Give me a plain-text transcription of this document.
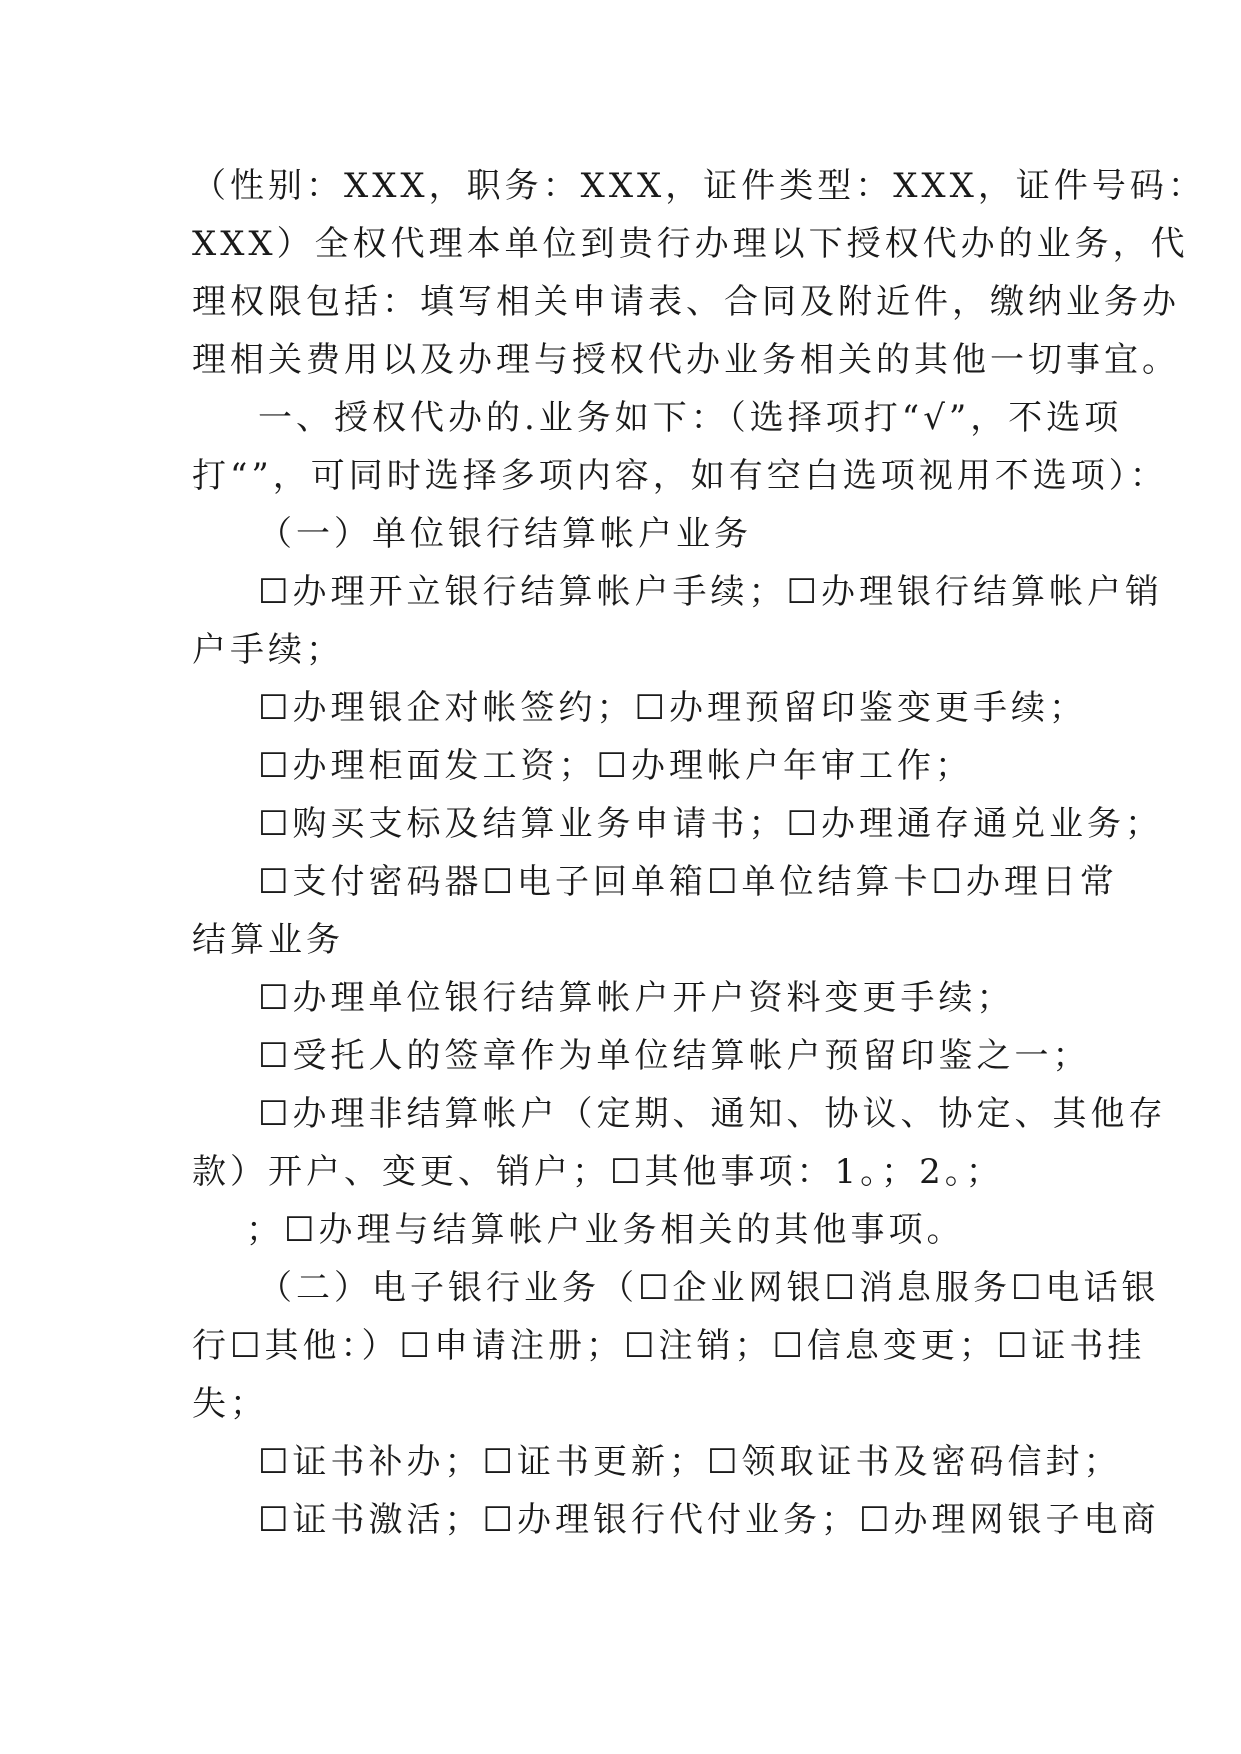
（性别：XXX，职务：XXX，证件类型：XXX，证件号码：
XXX）全权代理本单位到贵行办理以下授权代办的业务，代
理权限包括：填写相关申请表、合同及附近件，缴纳业务办
理相关费用以及办理与授权代办业务相关的其他一切事宜。
一、授权代办的.业务如下：（选择项打“√”，不选项
打“”，可同时选择多项内容，如有空白选项视用不选项）：
（一）单位银行结算帐户业务
☐办理开立银行结算帐户手续；☐办理银行结算帐户销
户手续；
☐办理银企对帐签约；☐办理预留印鉴变更手续；
☐办理柜面发工资；☐办理帐户年审工作；
☐购买支标及结算业务申请书；☐办理通存通兑业务；
☐支付密码器☐电子回单箱☐单位结算卡☐办理日常
结算业务
☐办理单位银行结算帐户开户资料变更手续；
☐受托人的签章作为单位结算帐户预留印鉴之一；
☐办理非结算帐户（定期、通知、协议、协定、其他存
款）开户、变更、销户；☐其他事项：1。；2。；
；☐办理与结算帐户业务相关的其他事项。
（二）电子银行业务（☐企业网银☐消息服务☐电话银
行☐其他：）☐申请注册；☐注销；☐信息变更；☐证书挂
失；
☐证书补办；☐证书更新；☐领取证书及密码信封；
☐证书激活；☐办理银行代付业务；☐办理网银子电商
